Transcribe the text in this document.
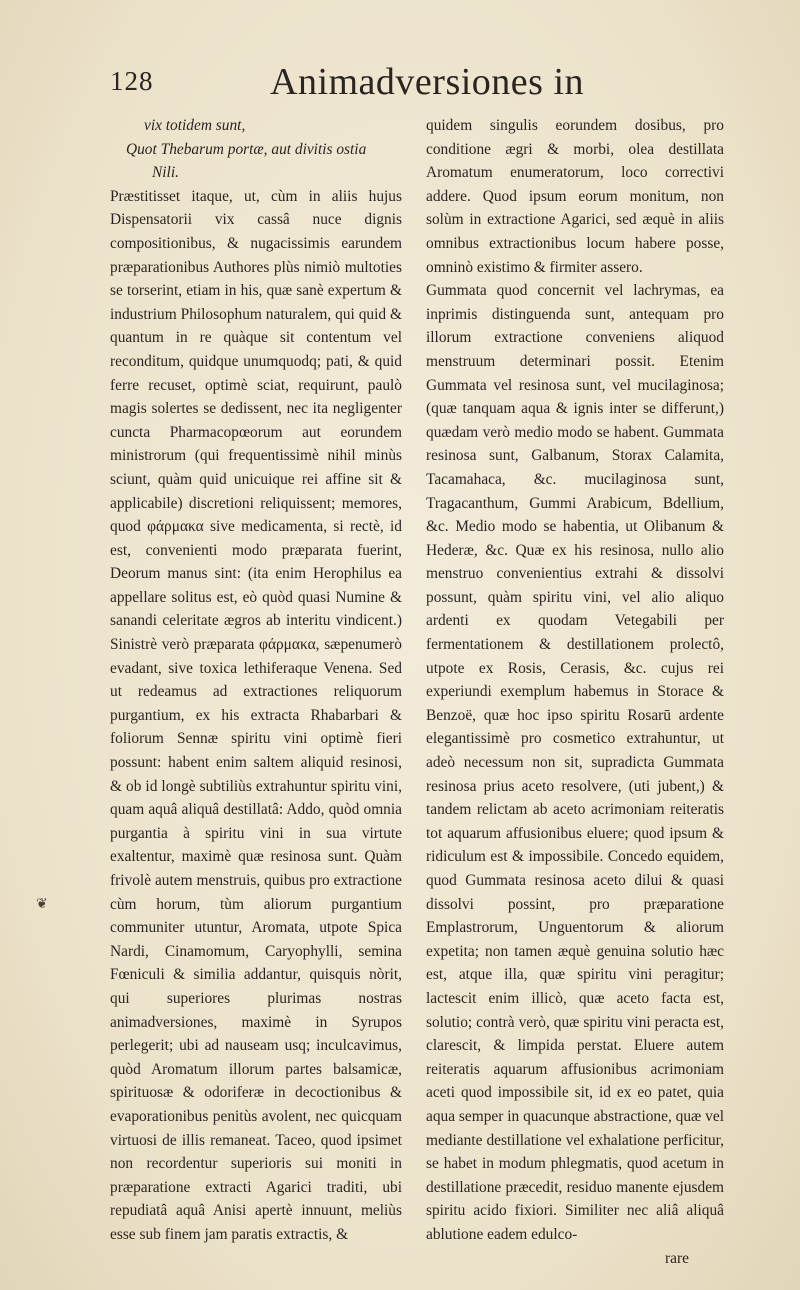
128	Animadversiones in

vix totidem sunt,

Quot Thebarum portæ, aut divitis ostia

Nili.

Præstitisset itaque, ut, cùm in aliis hujus Dispensatorii vix cassâ nuce dignis compositionibus, & nugacissimis earundem præparationibus Authores plùs nimiò multoties se torserint, etiam in his, quæ sanè expertum & industrium Philosophum naturalem, qui quid & quantum in re quàque sit contentum vel reconditum, quidque unumquodq; pati, & quid ferre recuset, optimè sciat, requirunt, paulò magis solertes se dedissent, nec ita negligenter cuncta Pharmacopœorum aut eorundem ministrorum (qui frequentissimè nihil minùs sciunt, quàm quid unicuique rei affine sit & applicabile) discretioni reliquissent; memores, quod φάρμακα sive medicamenta, si rectè, id est, convenienti modo præparata fuerint, Deorum manus sint: (ita enim Herophilus ea appellare solitus est, eò quòd quasi Numine & sanandi celeritate ægros ab interitu vindicent.) Sinistrè verò præparata φάρμακα, sæpenumerò evadant, sive toxica lethiferaque Venena. Sed ut redeamus ad extractiones reliquorum purgantium, ex his extracta Rhabarbari & foliorum Sennæ spiritu vini optimè fieri possunt: habent enim saltem aliquid resinosi, & ob id longè subtiliùs extrahuntur spiritu vini, quam aquâ aliquâ destillatâ: Addo, quòd omnia purgantia à spiritu vini in sua virtute exaltentur, maximè quæ resinosa sunt. Quàm frivolè autem menstruis, quibus pro extractione cùm horum, tùm aliorum purgantium communiter utuntur, Aromata, utpote Spica Nardi, Cinamomum, Caryophylli, semina Fœniculi & similia addantur, quisquis nòrit, qui superiores plurimas nostras animadversiones, maximè in Syrupos perlegerit; ubi ad nauseam usq; inculcavimus, quòd Aromatum illorum partes balsamicæ, spirituosæ & odoriferæ in decoctionibus & evaporationibus penitùs avolent, nec quicquam virtuosi de illis remaneat. Taceo, quod ipsimet non recordentur superioris sui moniti in præparatione extracti Agarici traditi, ubi repudiatâ aquâ Anisi apertè innuunt, meliùs esse sub finem jam paratis extractis, &

quidem singulis eorundem dosibus, pro conditione ægri & morbi, olea destillata Aromatum enumeratorum, loco correctivi addere. Quod ipsum eorum monitum, non solùm in extractione Agarici, sed æquè in aliis omnibus extractionibus locum habere posse, omninò existimo & firmiter assero.

Gummata quod concernit vel lachrymas, ea inprimis distinguenda sunt, antequam pro illorum extractione conveniens aliquod menstruum determinari possit. Etenim Gummata vel resinosa sunt, vel mucilaginosa; (quæ tanquam aqua & ignis inter se differunt,) quædam verò medio modo se habent. Gummata resinosa sunt, Galbanum, Storax Calamita, Tacamahaca, &c. mucilaginosa sunt, Tragacanthum, Gummi Arabicum, Bdellium, &c. Medio modo se habentia, ut Olibanum & Hederæ, &c. Quæ ex his resinosa, nullo alio menstruo convenientius extrahi & dissolvi possunt, quàm spiritu vini, vel alio aliquo ardenti ex quodam Vetegabili per fermentationem & destillationem prolectô, utpote ex Rosis, Cerasis, &c. cujus rei experiundi exemplum habemus in Storace & Benzoë, quæ hoc ipso spiritu Rosarū ardente elegantissimè pro cosmetico extrahuntur, ut adeò necessum non sit, supradicta Gummata resinosa prius aceto resolvere, (uti jubent,) & tandem relictam ab aceto acrimoniam reiteratis tot aquarum affusionibus eluere; quod ipsum & ridiculum est & impossibile. Concedo equidem, quod Gummata resinosa aceto dilui & quasi dissolvi possint, pro præparatione Emplastrorum, Unguentorum & aliorum expetita; non tamen æquè genuina solutio hæc est, atque illa, quæ spiritu vini peragitur; lactescit enim illicò, quæ aceto facta est, solutio; contrà verò, quæ spiritu vini peracta est, clarescit, & limpida perstat. Eluere autem reiteratis aquarum affusionibus acrimoniam aceti quod impossibile sit, id ex eo patet, quia aqua semper in quacunque abstractione, quæ vel mediante destillatione vel exhalatione perficitur, se habet in modum phlegmatis, quod acetum in destillatione præcedit, residuo manente ejusdem spiritu acido fixiori. Similiter nec aliâ aliquâ ablutione eadem edulco-

❦
rare
